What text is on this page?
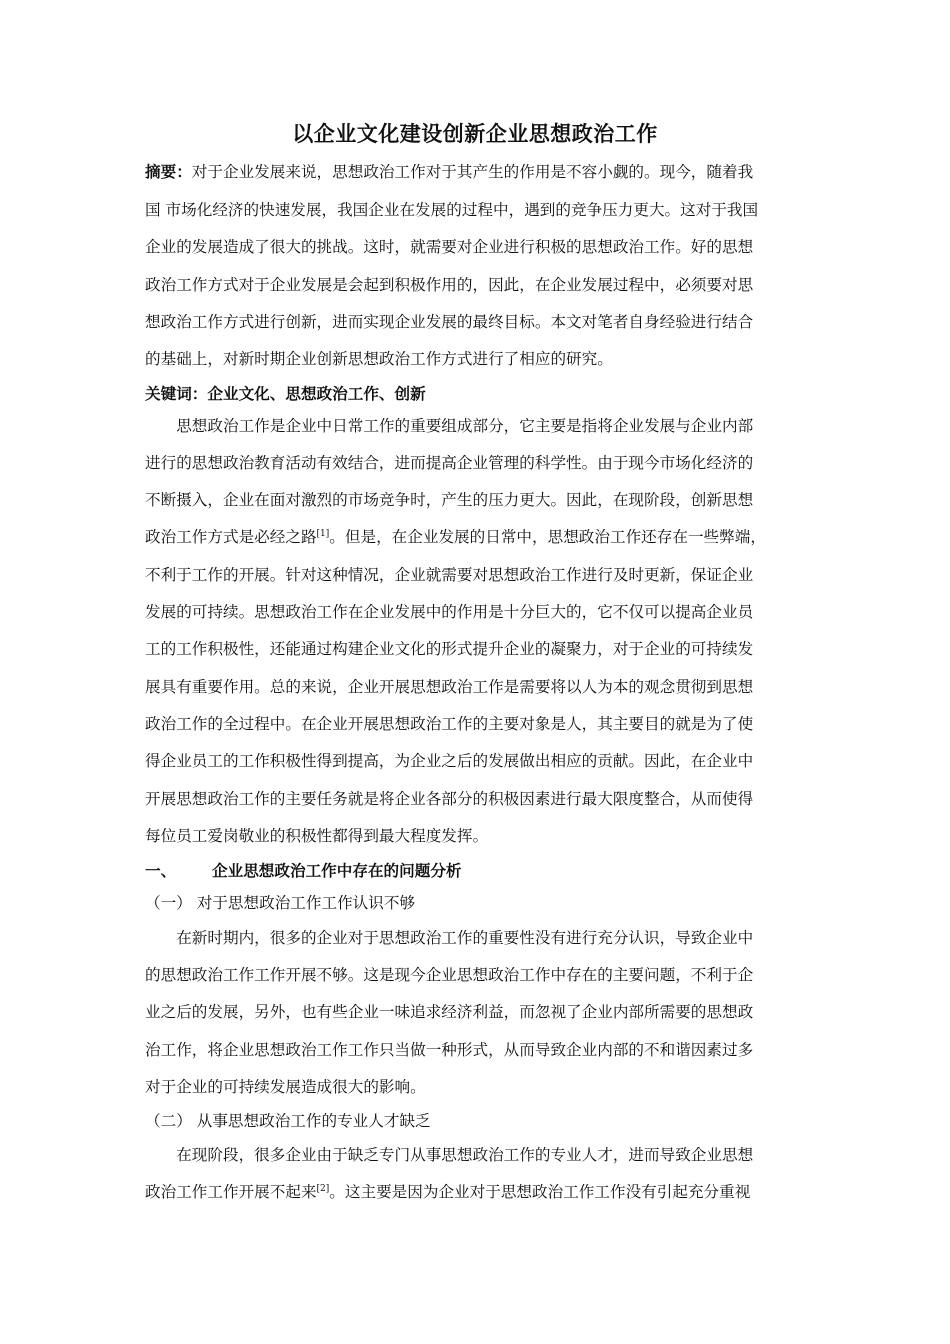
以企业文化建设创新企业思想政治工作
摘要：对于企业发展来说，思想政治工作对于其产生的作用是不容小觑的。现今，随着我
国 市场化经济的快速发展，我国企业在发展的过程中，遇到的竞争压力更大。这对于我国
企业的发展造成了很大的挑战。这时，就需要对企业进行积极的思想政治工作。好的思想
政治工作方式对于企业发展是会起到积极作用的，因此，在企业发展过程中，必须要对思
想政治工作方式进行创新，进而实现企业发展的最终目标。本文对笔者自身经验进行结合
的基础上，对新时期企业创新思想政治工作方式进行了相应的研究。
关键词：企业文化、思想政治工作、创新
　　思想政治工作是企业中日常工作的重要组成部分，它主要是指将企业发展与企业内部
进行的思想政治教育活动有效结合，进而提高企业管理的科学性。由于现今市场化经济的
不断摄入，企业在面对激烈的市场竞争时，产生的压力更大。因此，在现阶段，创新思想
政治工作方式是必经之路[1]。但是，在企业发展的日常中，思想政治工作还存在一些弊端，
不利于工作的开展。针对这种情况，企业就需要对思想政治工作进行及时更新，保证企业
发展的可持续。思想政治工作在企业发展中的作用是十分巨大的，它不仅可以提高企业员
工的工作积极性，还能通过构建企业文化的形式提升企业的凝聚力，对于企业的可持续发
展具有重要作用。总的来说，企业开展思想政治工作是需要将以人为本的观念贯彻到思想
政治工作的全过程中。在企业开展思想政治工作的主要对象是人，其主要目的就是为了使
得企业员工的工作积极性得到提高，为企业之后的发展做出相应的贡献。因此，在企业中
开展思想政治工作的主要任务就是将企业各部分的积极因素进行最大限度整合，从而使得
每位员工爱岗敬业的积极性都得到最大程度发挥。
一、 企业思想政治工作中存在的问题分析
（一） 对于思想政治工作工作认识不够
　　在新时期内，很多的企业对于思想政治工作的重要性没有进行充分认识，导致企业中
的思想政治工作工作开展不够。这是现今企业思想政治工作中存在的主要问题，不利于企
业之后的发展，另外，也有些企业一味追求经济利益，而忽视了企业内部所需要的思想政
治工作，将企业思想政治工作工作只当做一种形式，从而导致企业内部的不和谐因素过多
对于企业的可持续发展造成很大的影响。
（二） 从事思想政治工作的专业人才缺乏
　　在现阶段，很多企业由于缺乏专门从事思想政治工作的专业人才，进而导致企业思想
政治工作工作开展不起来[2]。这主要是因为企业对于思想政治工作工作没有引起充分重视
